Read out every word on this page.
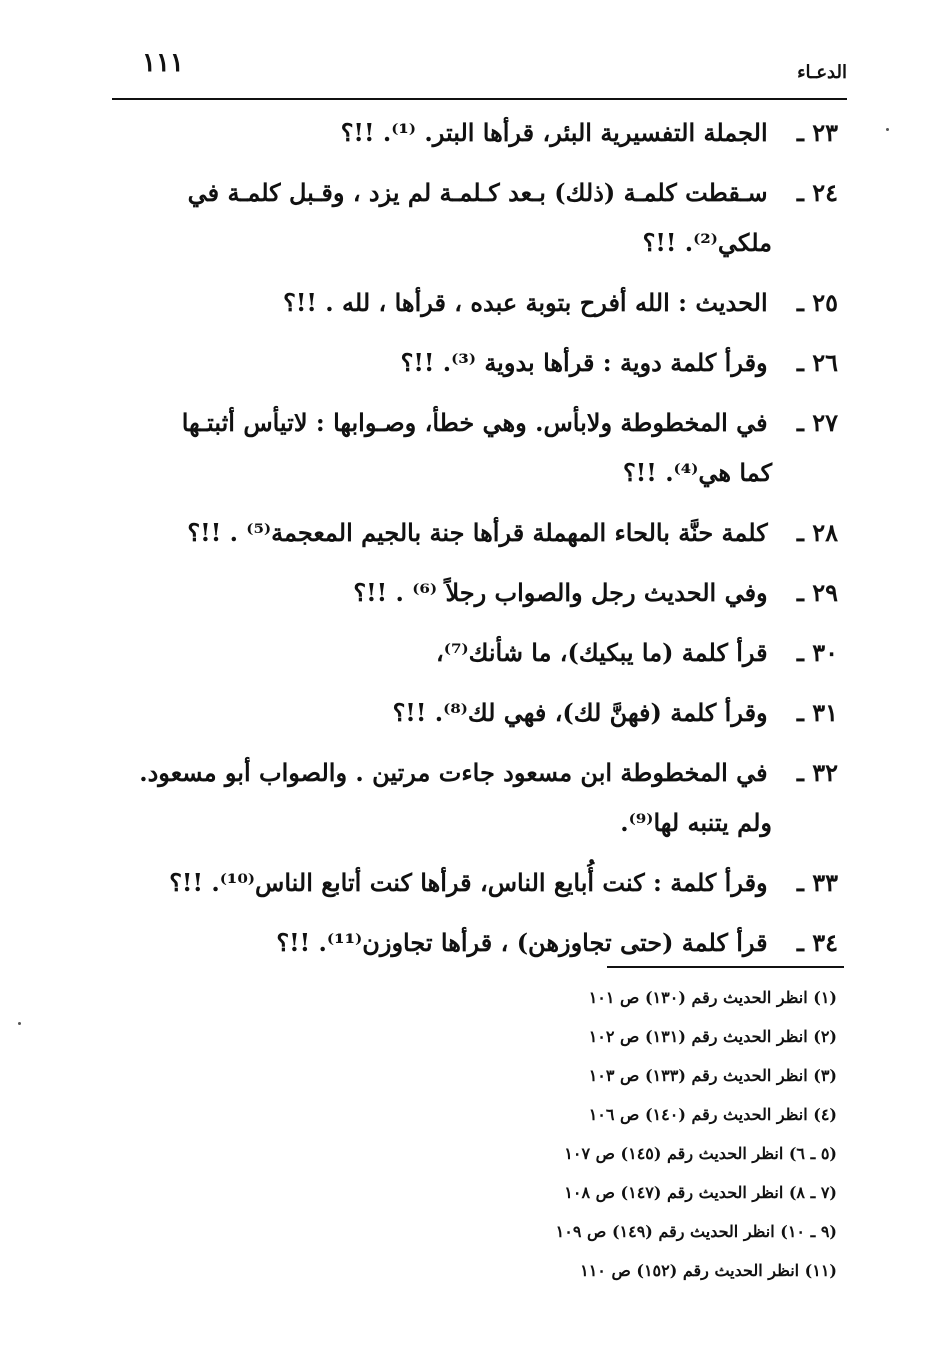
١١١	الدعـاء
٢٣ ـ الجملة التفسيرية البئر، قرأها البتر. ⁽¹⁾. !!؟
٢٤ ـ سـقطت كلمـة (ذلك) بـعد كـلمـة لم يزد ، وقـبل كلمـة في
ملكي⁽²⁾. !!؟
٢٥ ـ الحديث : الله أفرح بتوبة عبده ، قرأها ، لله . !!؟
٢٦ ـ وقرأ كلمة دوية : قرأها بدوية ⁽³⁾. !!؟
٢٧ ـ في المخطوطة ولابأس. وهي خطأ، وصـوابها : لاتيأس أثبتـها
كما هي⁽⁴⁾. !!؟
٢٨ ـ كلمة حنَّة بالحاء المهملة قرأها جنة بالجيم المعجمة⁽⁵⁾ . !!؟
٢٩ ـ وفي الحديث رجل والصواب رجلاً ⁽⁶⁾ . !!؟
٣٠ ـ قرأ كلمة (ما يبكيك)، ما شأنك⁽⁷⁾،
٣١ ـ وقرأ كلمة (فهنَّ لك)، فهي لك⁽⁸⁾. !!؟
٣٢ ـ في المخطوطة ابن مسعود جاءت مرتين . والصواب أبو مسعود.
ولم يتنبه لها⁽⁹⁾.
٣٣ ـ وقرأ كلمة : كنت أُبايع الناس، قرأها كنت أتابع الناس⁽¹⁰⁾. !!؟
٣٤ ـ قرأ كلمة (حتى تجاوزهن) ، قرأها تجاوزن⁽¹¹⁾. !!؟
(١) انظر الحديث رقم (١٣٠) ص ١٠١
(٢) انظر الحديث رقم (١٣١) ص ١٠٢
(٣) انظر الحديث رقم (١٣٣) ص ١٠٣
(٤) انظر الحديث رقم (١٤٠) ص ١٠٦
(٥ ـ ٦) انظر الحديث رقم (١٤٥) ص ١٠٧
(٧ ـ ٨) انظر الحديث رقم (١٤٧) ص ١٠٨
(٩ ـ ١٠) انظر الحديث رقم (١٤٩) ص ١٠٩
(١١) انظر الحديث رقم (١٥٢) ص ١١٠
